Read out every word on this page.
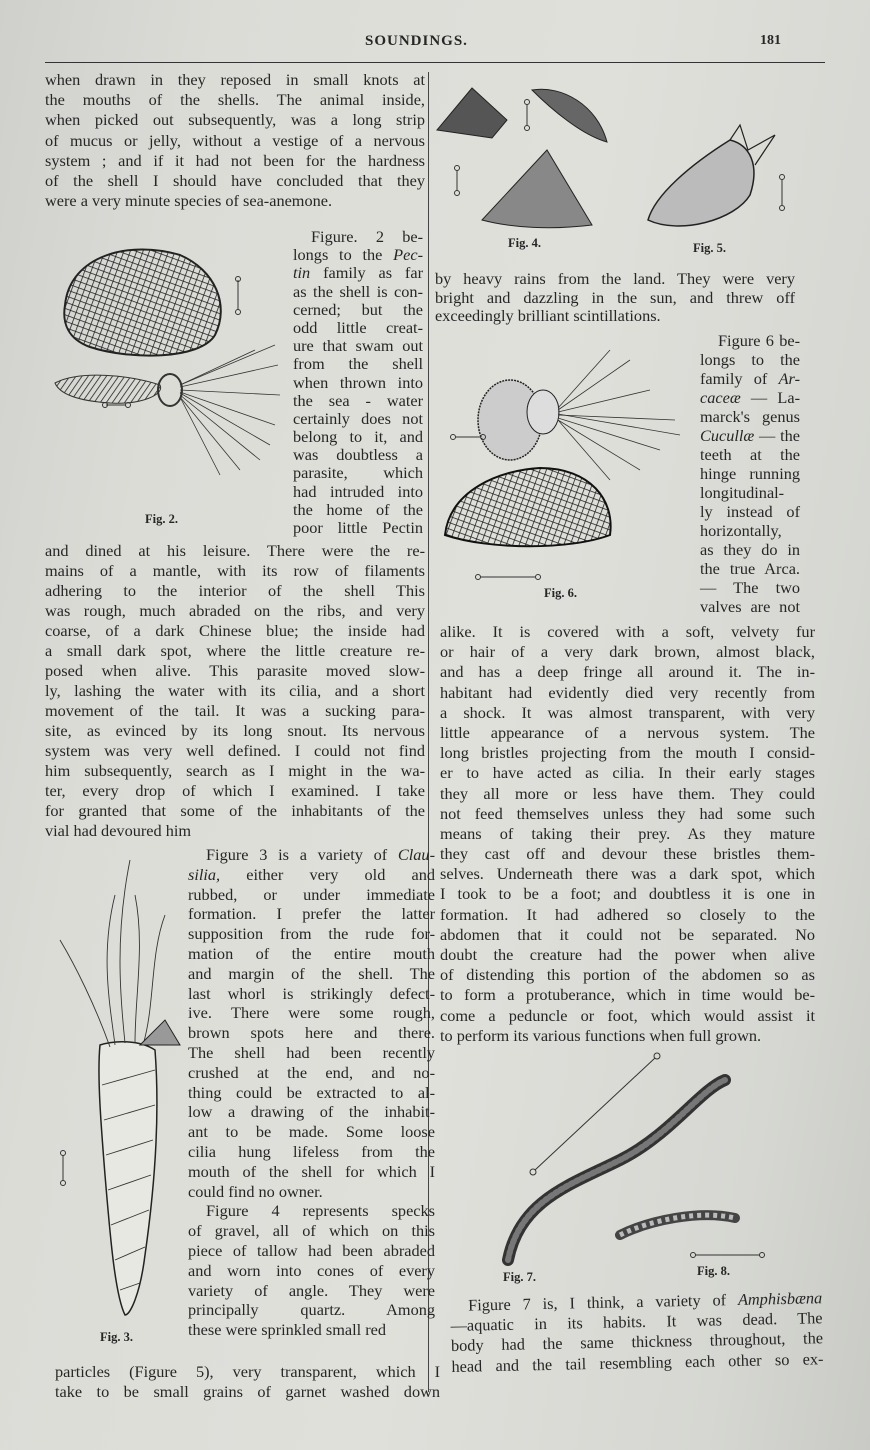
SOUNDINGS.	181
when drawn in they reposed in small knots at
the mouths of the shells. The animal inside,
when picked out subsequently, was a long strip
of mucus or jelly, without a vestige of a nervous
system ; and if it had not been for the hardness
of the shell I should have concluded that they
were a very minute species of sea-anemone.
Figure. 2 be-
longs to the Pec-
tin family as far
as the shell is con-
cerned; but the
odd little creat-
ure that swam out
from the shell
when thrown into
the sea - water
certainly does not
belong to it, and
was doubtless a
parasite, which
had intruded into
the home of the
poor little Pectin
and dined at his leisure. There were the re-
mains of a mantle, with its row of filaments
adhering to the interior of the shell This
was rough, much abraded on the ribs, and very
coarse, of a dark Chinese blue; the inside had
a small dark spot, where the little creature re-
posed when alive. This parasite moved slow-
ly, lashing the water with its cilia, and a short
movement of the tail. It was a sucking para-
site, as evinced by its long snout. Its nervous
system was very well defined. I could not find
him subsequently, search as I might in the wa-
ter, every drop of which I examined. I take
for granted that some of the inhabitants of the
vial had devoured him
Figure 3 is a variety of Clau-
silia, either very old and
rubbed, or under immediate
formation. I prefer the latter
supposition from the rude for-
mation of the entire mouth
and margin of the shell. The
last whorl is strikingly defect-
ive. There were some rough,
brown spots here and there.
The shell had been recently
crushed at the end, and no-
thing could be extracted to al-
low a drawing of the inhabit-
ant to be made. Some loose
cilia hung lifeless from the
mouth of the shell for which I
could find no owner.
Figure 4 represents specks
of gravel, all of which on this
piece of tallow had been abraded
and worn into cones of every
variety of angle. They were
principally quartz. Among
these were sprinkled small red
particles (Figure 5), very transparent, which I
take to be small grains of garnet washed down
by heavy rains from the land. They were very
bright and dazzling in the sun, and threw off
exceedingly brilliant scintillations.
Figure 6 be-
longs to the
family of Ar-
caceæ — La-
marck's genus
Cucullæ — the
teeth at the
hinge running
longitudinal-
ly instead of
horizontally,
as they do in
the true Arca.
— The two
valves are not
alike. It is covered with a soft, velvety fur
or hair of a very dark brown, almost black,
and has a deep fringe all around it. The in-
habitant had evidently died very recently from
a shock. It was almost transparent, with very
little appearance of a nervous system. The
long bristles projecting from the mouth I consid-
er to have acted as cilia. In their early stages
they all more or less have them. They could
not feed themselves unless they had some such
means of taking their prey. As they mature
they cast off and devour these bristles them-
selves. Underneath there was a dark spot, which
I took to be a foot; and doubtless it is one in
formation. It had adhered so closely to the
abdomen that it could not be separated. No
doubt the creature had the power when alive
of distending this portion of the abdomen so as
to form a protuberance, which in time would be-
come a peduncle or foot, which would assist it
to perform its various functions when full grown.
Figure 7 is, I think, a variety of Amphisbæna
—aquatic in its habits. It was dead. The
body had the same thickness throughout, the
head and the tail resembling each other so ex-
Fig. 2.
Fig. 3.
Fig. 4.	Fig. 5.
Fig. 6.
Fig. 7.	Fig. 8.
